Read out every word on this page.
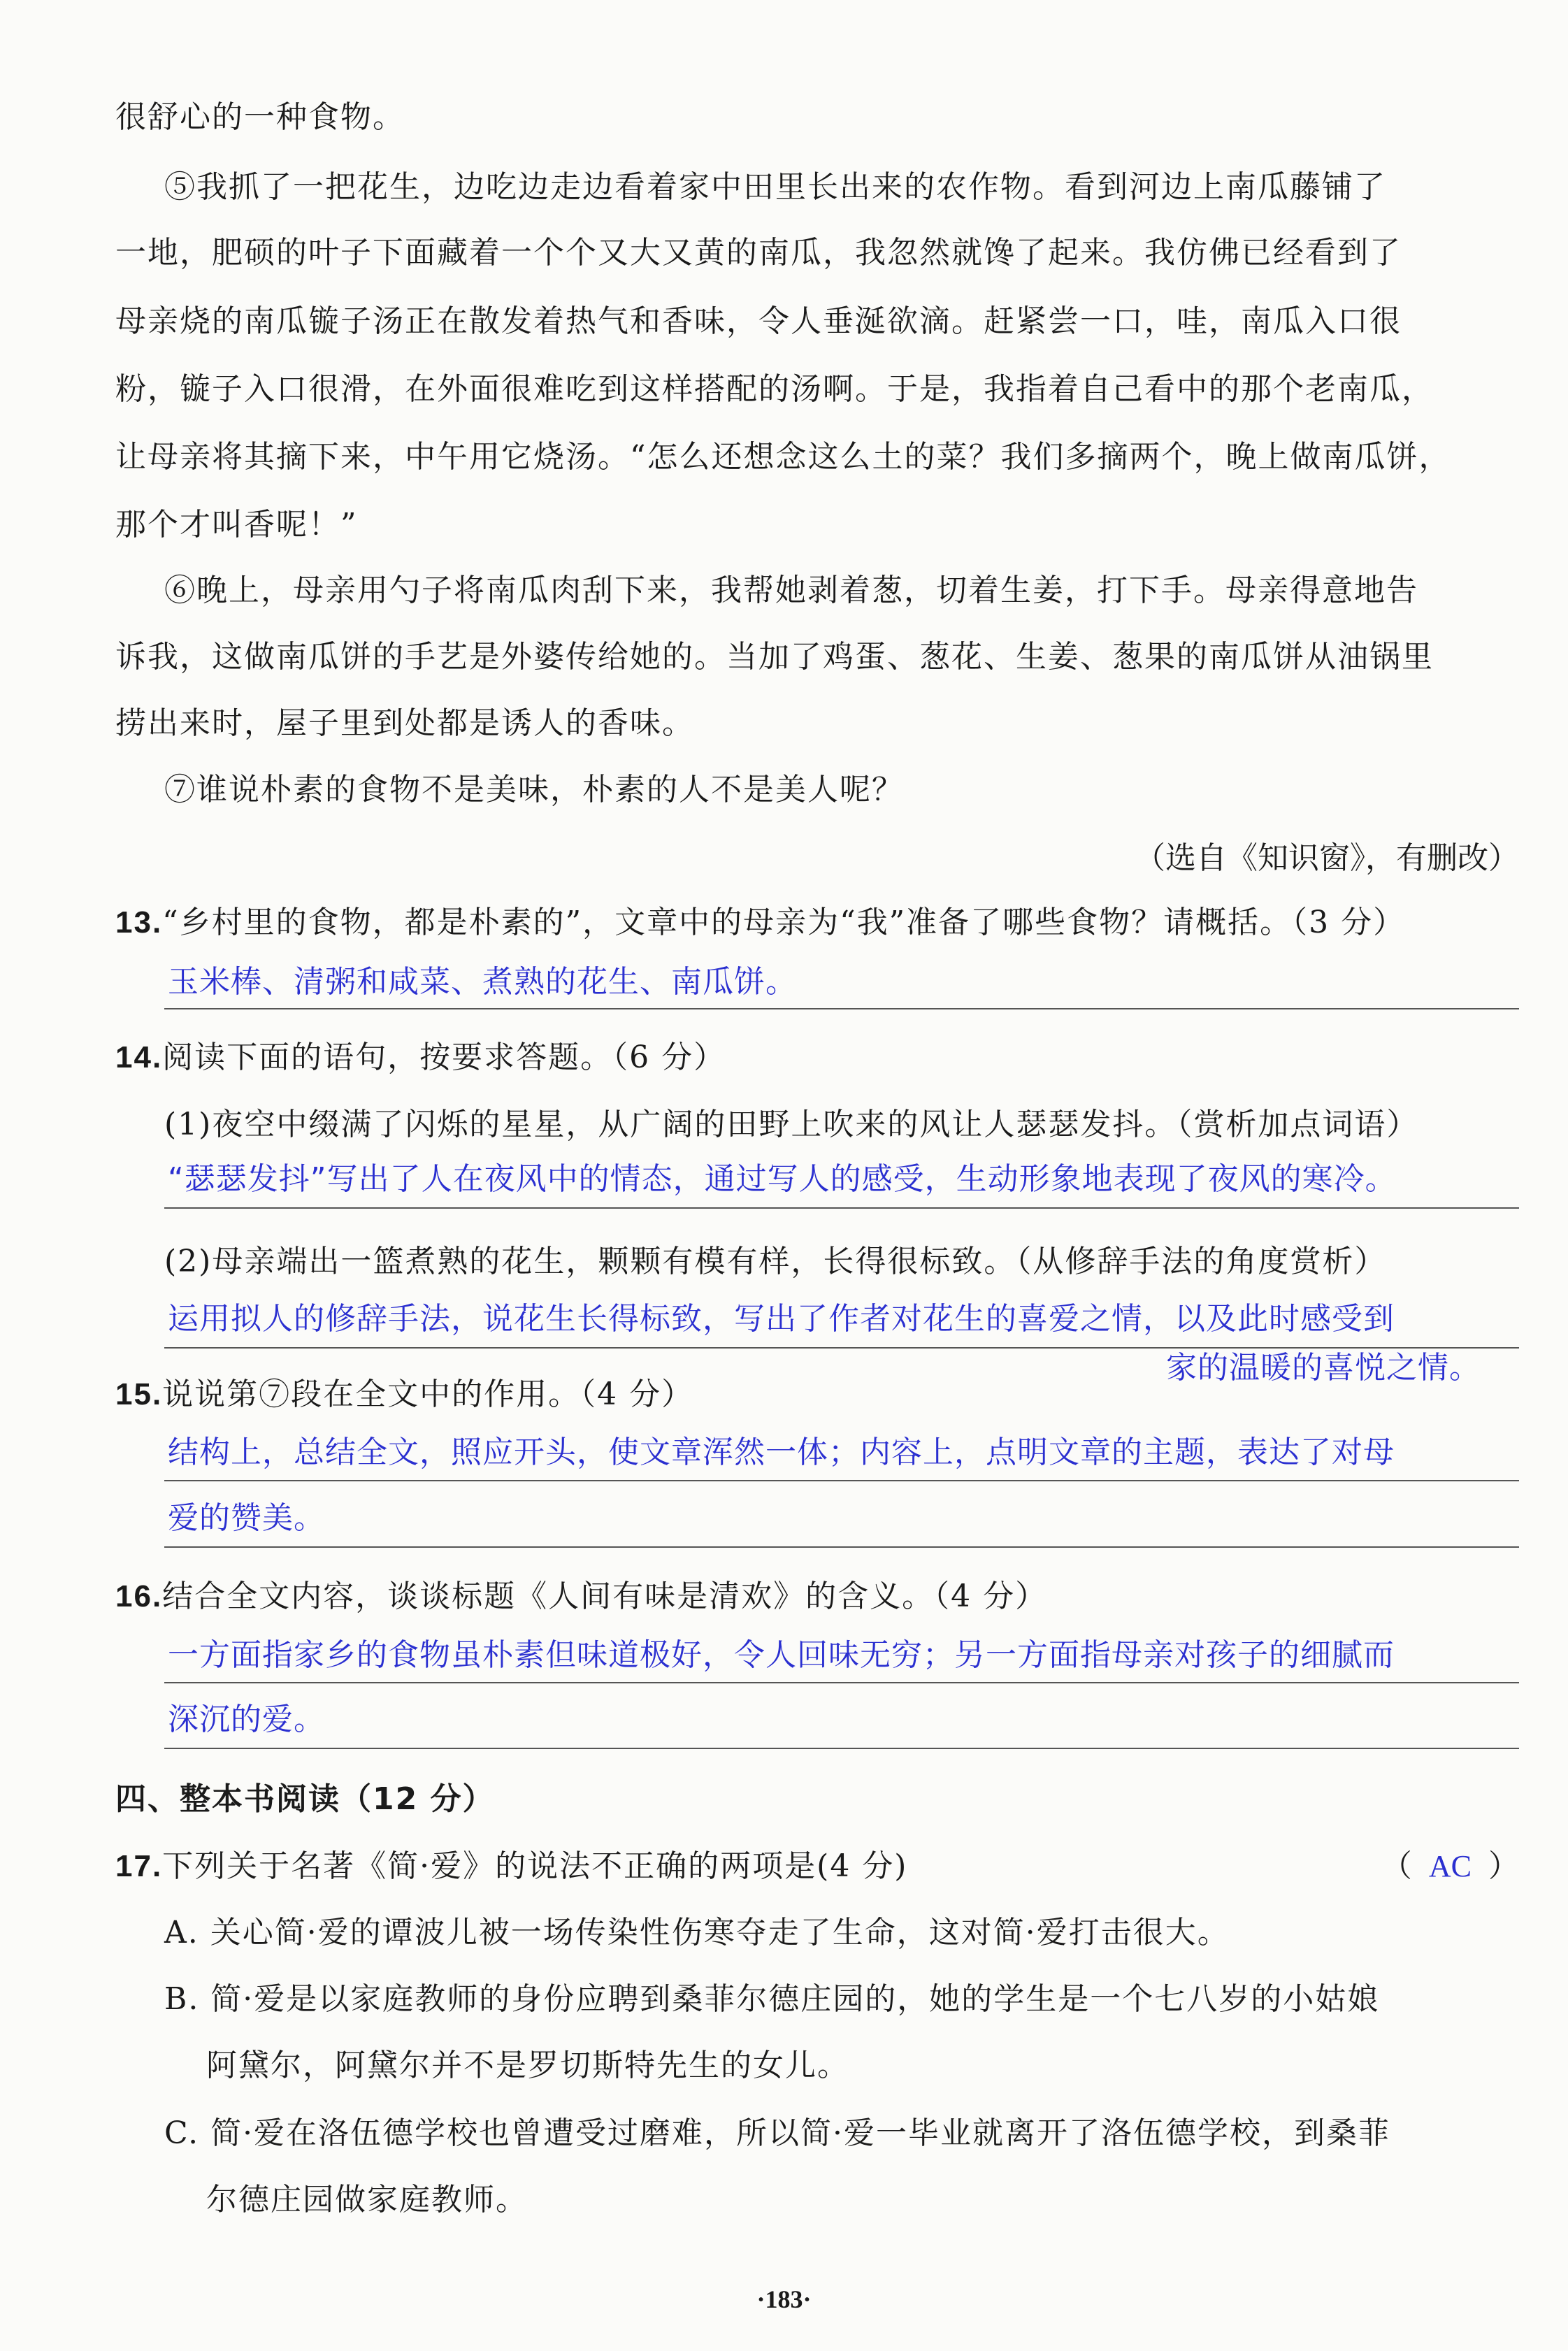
很舒心的一种食物。
⑤我抓了一把花生，边吃边走边看着家中田里长出来的农作物。看到河边上南瓜藤铺了
一地，肥硕的叶子下面藏着一个个又大又黄的南瓜，我忽然就馋了起来。我仿佛已经看到了
母亲烧的南瓜镟子汤正在散发着热气和香味，令人垂涎欲滴。赶紧尝一口，哇，南瓜入口很
粉，镟子入口很滑，在外面很难吃到这样搭配的汤啊。于是，我指着自己看中的那个老南瓜，
让母亲将其摘下来，中午用它烧汤。“怎么还想念这么土的菜？我们多摘两个，晚上做南瓜饼，
那个才叫香呢！”
⑥晚上，母亲用勺子将南瓜肉刮下来，我帮她剥着葱，切着生姜，打下手。母亲得意地告
诉我，这做南瓜饼的手艺是外婆传给她的。当加了鸡蛋、葱花、生姜、葱果的南瓜饼从油锅里
捞出来时，屋子里到处都是诱人的香味。
⑦谁说朴素的食物不是美味，朴素的人不是美人呢？
（选自《知识窗》，有删改）
13.“乡村里的食物，都是朴素的”，文章中的母亲为“我”准备了哪些食物？请概括。（3 分）
玉米棒、清粥和咸菜、煮熟的花生、南瓜饼。
14.阅读下面的语句，按要求答题。（6 分）
(1)夜空中缀满了闪烁的星星，从广阔的田野上吹来的风让人瑟瑟发抖。（赏析加点词语）
“瑟瑟发抖”写出了人在夜风中的情态，通过写人的感受，生动形象地表现了夜风的寒冷。
(2)母亲端出一篮煮熟的花生，颗颗有模有样，长得很标致。（从修辞手法的角度赏析）
运用拟人的修辞手法，说花生长得标致，写出了作者对花生的喜爱之情，以及此时感受到
家的温暖的喜悦之情。
15.说说第⑦段在全文中的作用。（4 分）
结构上，总结全文，照应开头，使文章浑然一体；内容上，点明文章的主题，表达了对母
爱的赞美。
16.结合全文内容，谈谈标题《人间有味是清欢》的含义。（4 分）
一方面指家乡的食物虽朴素但味道极好，令人回味无穷；另一方面指母亲对孩子的细腻而
深沉的爱。
四、整本书阅读（12 分）
17.下列关于名著《简·爱》的说法不正确的两项是(4 分)	（ AC ）
A. 关心简·爱的谭波儿被一场传染性伤寒夺走了生命，这对简·爱打击很大。
B. 简·爱是以家庭教师的身份应聘到桑菲尔德庄园的，她的学生是一个七八岁的小姑娘
阿黛尔，阿黛尔并不是罗切斯特先生的女儿。
C. 简·爱在洛伍德学校也曾遭受过磨难，所以简·爱一毕业就离开了洛伍德学校，到桑菲
尔德庄园做家庭教师。
·183·
